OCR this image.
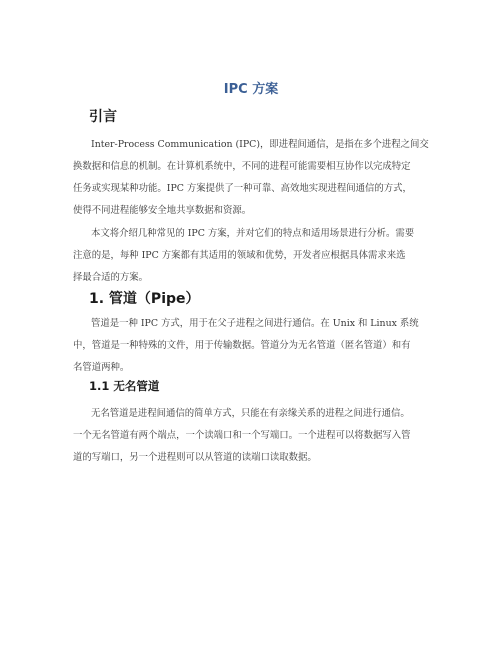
IPC 方案
引言

Inter-Process Communication (IPC)，即进程间通信，是指在多个进程之间交
换数据和信息的机制。在计算机系统中，不同的进程可能需要相互协作以完成特定
任务或实现某种功能。IPC 方案提供了一种可靠、高效地实现进程间通信的方式，
使得不同进程能够安全地共享数据和资源。

本文将介绍几种常见的 IPC 方案，并对它们的特点和适用场景进行分析。需要
注意的是，每种 IPC 方案都有其适用的领域和优势，开发者应根据具体需求来选
择最合适的方案。

1. 管道（Pipe）

管道是一种 IPC 方式，用于在父子进程之间进行通信。在 Unix 和 Linux 系统
中，管道是一种特殊的文件，用于传输数据。管道分为无名管道（匿名管道）和有
名管道两种。

1.1 无名管道

无名管道是进程间通信的简单方式，只能在有亲缘关系的进程之间进行通信。
一个无名管道有两个端点，一个读端口和一个写端口。一个进程可以将数据写入管
道的写端口，另一个进程则可以从管道的读端口读取数据。
